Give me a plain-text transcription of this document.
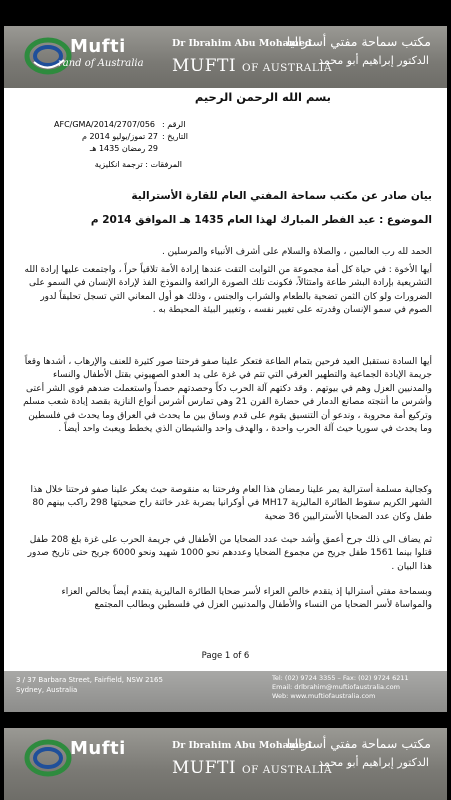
Mufti
rand of Australia
Dr Ibrahim Abu Mohamed
MUFTI OF AUSTRALIA
مكتب سماحة مفتي أستراليا
الدكتور إبراهيم أبو محمد
بسم الله الرحمن الرحيم
AFC/GMA/2014/2707/056 الرقم :
التاريخ :
27 تموز/يوليو 2014 م
29 رمضان 1435 هـ
المرفقات : ترجمة انكليزية
بيان صادر عن مكتب سماحة المفتي العام للقارة الأسترالية
الموضوع : عيد الفطر المبارك لهذا العام 1435 هـ الموافق 2014 م
الحمد لله رب العالمين ، والصلاة والسلام على أشرف الأنبياء والمرسلين .
أيها الأخوة : في حياة كل أمة مجموعة من الثوابت التقت عندها إرادة الأمة تلاقياً حراً ، واجتمعت عليها إرادة الله التشريعية بإرادة البشر طاعة وامتثالاً، فكونت تلك الصورة الرائعة والنموذج الفذ لإرادة الإنسان في السمو على الضرورات ولو كان الثمن تضحية بالطعام والشراب والجنس ، وذلك هو أول المعاني التي تسجل تحليقاً لدور الصوم في سمو الإنسان وقدرته على تغيير نفسه ، وتغيير البيئة المحيطة به .
أيها السادة نستقبل العيد فرحين بتمام الطاعة فتعكر علينا صفو فرحتنا صور كثيرة للعنف والإرهاب ، أشدها وقعاً جريمة الإبادة الجماعية والتطهير العرقي التي تتم في غزة على يد العدو الصهيوني بقتل الأطفال والنساء والمدنيين العزل وهم في بيوتهم . وقد دكتهم آلة الحرب دكاً وحصدتهم حصداً واستعملت ضدهم قوى الشر أعتى وأشرس ما أنتجته مصانع الدمار في حضارة القرن 21 وهي تمارس أشرس أنواع النازية بقصد إبادة شعب مسلم وتركيع أمة محروبة ، وندعو أن التنسيق يقوم على قدم وساق بين ما يحدث في العراق وما يحدث في فلسطين وما يحدث في سوريا حيث آلة الحرب واحدة ، والهدف واحد والشيطان الذي يخطط ويعبث واحد أيضاً .
وكجالية مسلمة أسترالية يمر علينا رمضان هذا العام وفرحتنا به منقوصة حيث يعكر علينا صفو فرحتنا خلال هذا الشهر الكريم سقوط الطائرة الماليزية MH17 في أوكرانيا بضربة غدر خائنة راح ضحيتها 298 راكب بينهم 80 طفل وكان عدد الضحايا الأستراليين 36 ضحية
ثم يضاف الى ذلك جرح أعمق وأشد حيث عدد الضحايا من الأطفال في جريمة الحرب على غزة بلغ 208 طفل قتلوا بينما 1561 طفل جريح من مجموع الضحايا وعددهم نحو 1000 شهيد ونحو 6000 جريح حتى تاريخ صدور هذا البيان .
وبسماحة مفتي أستراليا إذ يتقدم خالص العزاء لأسر ضحايا الطائرة الماليزية يتقدم أيضاً بخالص العزاء والمواساة لأسر الضحايا من النساء والأطفال والمدنيين العزل في فلسطين وبطالب المجتمع
Page 1 of 6
3 / 37 Barbara Street, Fairfield, NSW 2165
Sydney, Australia
Tel: (02) 9724 3355 – Fax: (02) 9724 6211
Email: drlbrahim@muftiofaustralia.com
Web: www.muftiofaustralia.com
Mufti	Dr Ibrahim Abu Mohamed
MUFTI OF AUSTRALIA
مكتب سماحة مفتي أستراليا
الدكتور إبراهيم أبو محمد
